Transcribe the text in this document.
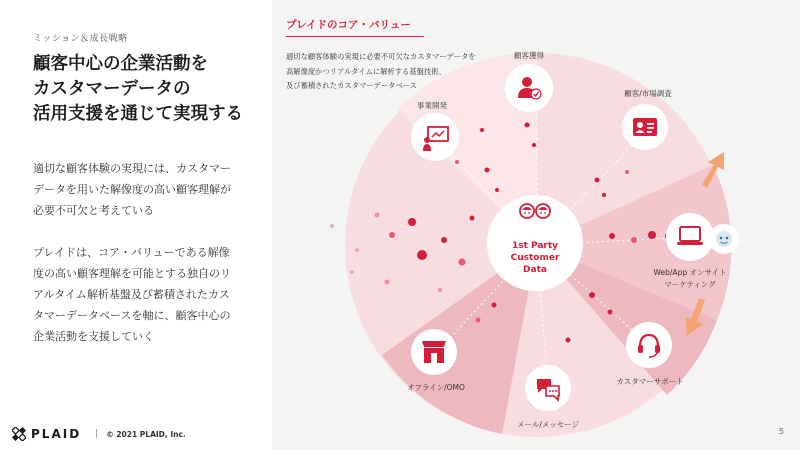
ミッション＆成長戦略
顧客中心の企業活動を
カスタマーデータの
活用支援を通じて実現する
適切な顧客体験の実現には、カスタマーデータを用いた解像度の高い顧客理解が必要不可欠と考えている
プレイドは、コア・バリューである解像度の高い顧客理解を可能とする独自のリアルタイム解析基盤及び蓄積されたカスタマーデータベースを軸に、顧客中心の企業活動を支援していく
PLAID | © 2021 PLAID, Inc.
1st Party
Customer
Data
顧客獲得
顧客/市場調査
Web/App オンサイト
マーケティング
カスタマーサポート
メール/メッセージ
オフライン/OMO
事業開発
プレイドのコア・バリュー
適切な顧客体験の実現に必要不可欠なカスタマーデータを
高解像度かつリアルタイムに解析する基盤技術、
及び蓄積されたカスタマーデータベース
5
